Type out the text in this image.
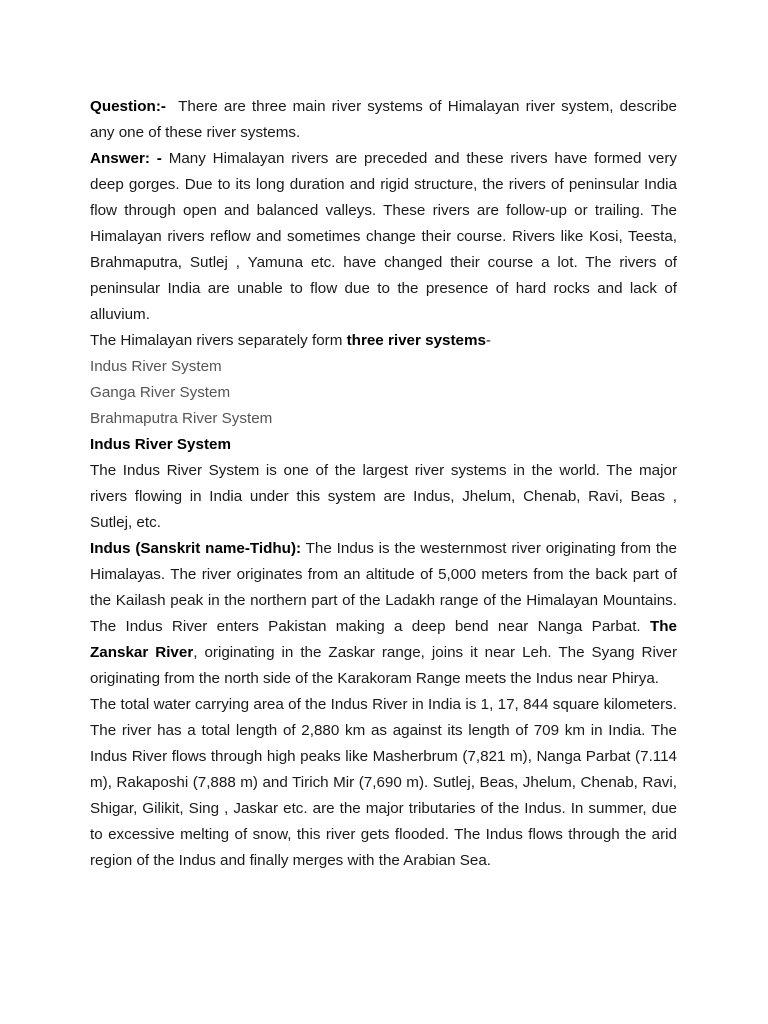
Question:- There are three main river systems of Himalayan river system, describe any one of these river systems.

Answer: - Many Himalayan rivers are preceded and these rivers have formed very deep gorges. Due to its long duration and rigid structure, the rivers of peninsular India flow through open and balanced valleys. These rivers are follow-up or trailing. The Himalayan rivers reflow and sometimes change their course. Rivers like Kosi, Teesta, Brahmaputra, Sutlej , Yamuna etc. have changed their course a lot. The rivers of peninsular India are unable to flow due to the presence of hard rocks and lack of alluvium.

The Himalayan rivers separately form three river systems-

Indus River System

Ganga River System

Brahmaputra River System

Indus River System

The Indus River System is one of the largest river systems in the world. The major rivers flowing in India under this system are Indus, Jhelum, Chenab, Ravi, Beas , Sutlej, etc.

Indus (Sanskrit name-Tidhu): The Indus is the westernmost river originating from the Himalayas. The river originates from an altitude of 5,000 meters from the back part of the Kailash peak in the northern part of the Ladakh range of the Himalayan Mountains. The Indus River enters Pakistan making a deep bend near Nanga Parbat. The Zanskar River, originating in the Zaskar range, joins it near Leh. The Syang River originating from the north side of the Karakoram Range meets the Indus near Phirya.

The total water carrying area of the Indus River in India is 1, 17, 844 square kilometers. The river has a total length of 2,880 km as against its length of 709 km in India. The Indus River flows through high peaks like Masherbrum (7,821 m), Nanga Parbat (7.114 m), Rakaposhi (7,888 m) and Tirich Mir (7,690 m). Sutlej, Beas, Jhelum, Chenab, Ravi, Shigar, Gilikit, Sing , Jaskar etc. are the major tributaries of the Indus. In summer, due to excessive melting of snow, this river gets flooded. The Indus flows through the arid region of the Indus and finally merges with the Arabian Sea.
